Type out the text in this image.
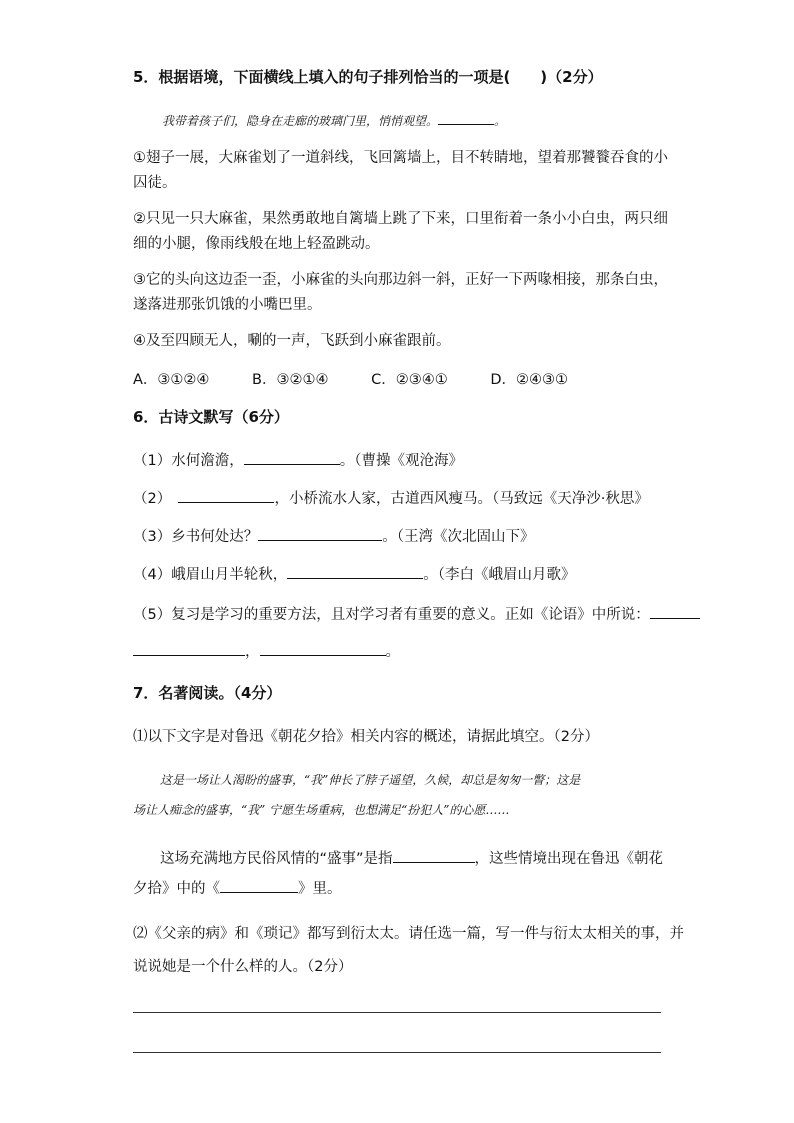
5．根据语境，下面横线上填入的句子排列恰当的一项是(　　)（2分）
我带着孩子们，隐身在走廊的玻璃门里，悄悄观望。	。
①翅子一展，大麻雀划了一道斜线，飞回篱墙上，目不转睛地，望着那饕餮吞食的小
囚徒。
②只见一只大麻雀，果然勇敢地自篱墙上跳了下来，口里衔着一条小小白虫，两只细
细的小腿，像雨线般在地上轻盈跳动。
③它的头向这边歪一歪，小麻雀的头向那边斜一斜，正好一下两喙相接，那条白虫，
遂落进那张饥饿的小嘴巴里。
④及至四顾无人，唰的一声，飞跃到小麻雀跟前。
A．③①②④	B．③②①④	C．②③④①	D．②④③①
6．古诗文默写（6分）
（1）水何澹澹，	。（曹操《观沧海》
（2）　	，小桥流水人家，古道西风瘦马。（马致远《天净沙·秋思》
（3）乡书何处达？	。（王湾《次北固山下》
（4）峨眉山月半轮秋，	。（李白《峨眉山月歌》
（5）复习是学习的重要方法，且对学习者有重要的意义。正如《论语》中所说：
，	。
7．名著阅读。（4分）
⑴以下文字是对鲁迅《朝花夕拾》相关内容的概述，请据此填空。（2分）
这是一场让人渴盼的盛事，“我”伸长了脖子遥望，久候，却总是匆匆一瞥；这是
场让人痴念的盛事，“我” 宁愿生场重病，也想满足“扮犯人”的心愿……
这场充满地方民俗风情的“盛事”是指	，这些情境出现在鲁迅《朝花
夕拾》中的《	》里。
⑵《父亲的病》和《琐记》都写到衍太太。请任选一篇，写一件与衍太太相关的事，并
说说她是一个什么样的人。（2分）
